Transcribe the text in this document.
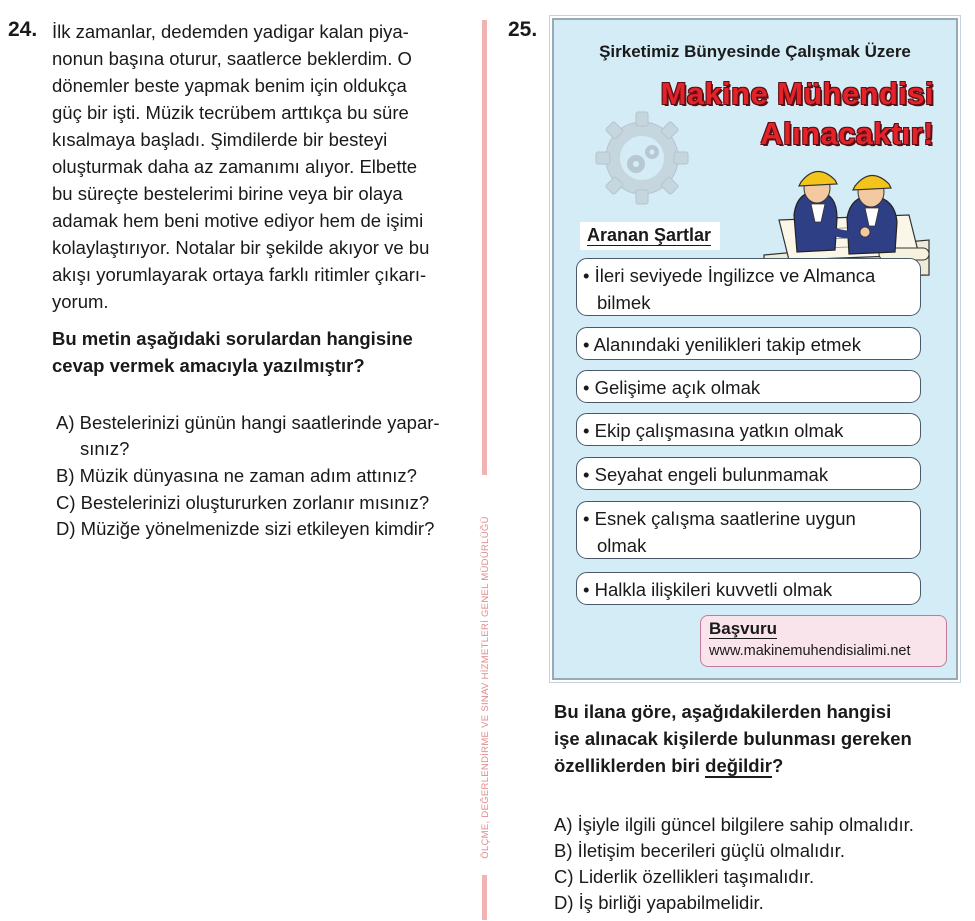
24. İlk zamanlar, dedemden yadigar kalan piya-
nonun başına oturur, saatlerce beklerdim. O
dönemler beste yapmak benim için oldukça
güç bir işti. Müzik tecrübem arttıkça bu süre
kısalmaya başladı. Şimdilerde bir besteyi
oluşturmak daha az zamanımı alıyor. Elbette
bu süreçte bestelerimi birine veya bir olaya
adamak hem beni motive ediyor hem de işimi
kolaylaştırıyor. Notalar bir şekilde akıyor ve bu
akışı yorumlayarak ortaya farklı ritimler çıkarı-
yorum.
Bu metin aşağıdaki sorulardan hangisine
cevap vermek amacıyla yazılmıştır?
A) Bestelerinizi günün hangi saatlerinde yapar-
sınız?
B) Müzik dünyasına ne zaman adım attınız?
C) Bestelerinizi oluştururken zorlanır mısınız?
D) Müziğe yönelmenizde sizi etkileyen kimdir?	ÖLÇME, DEĞERLENDİRME VE SINAV HİZMETLERİ GENEL MÜDÜRLÜĞÜ
25.
Şirketimiz Bünyesinde Çalışmak Üzere
Makine Mühendisi
Alınacaktır!
Aranan Şartlar
• İleri seviyede İngilizce ve Almanca
bilmek
• Alanındaki yenilikleri takip etmek
• Gelişime açık olmak
• Ekip çalışmasına yatkın olmak
• Seyahat engeli bulunmamak
• Esnek çalışma saatlerine uygun
olmak
• Halkla ilişkileri kuvvetli olmak
Başvuru
www.makinemuhendisialimi.net
Bu ilana göre, aşağıdakilerden hangisi
işe alınacak kişilerde bulunması gereken
özelliklerden biri değildir?
A) İşiyle ilgili güncel bilgilere sahip olmalıdır.
B) İletişim becerileri güçlü olmalıdır.
C) Liderlik özellikleri taşımalıdır.
D) İş birliği yapabilmelidir.
